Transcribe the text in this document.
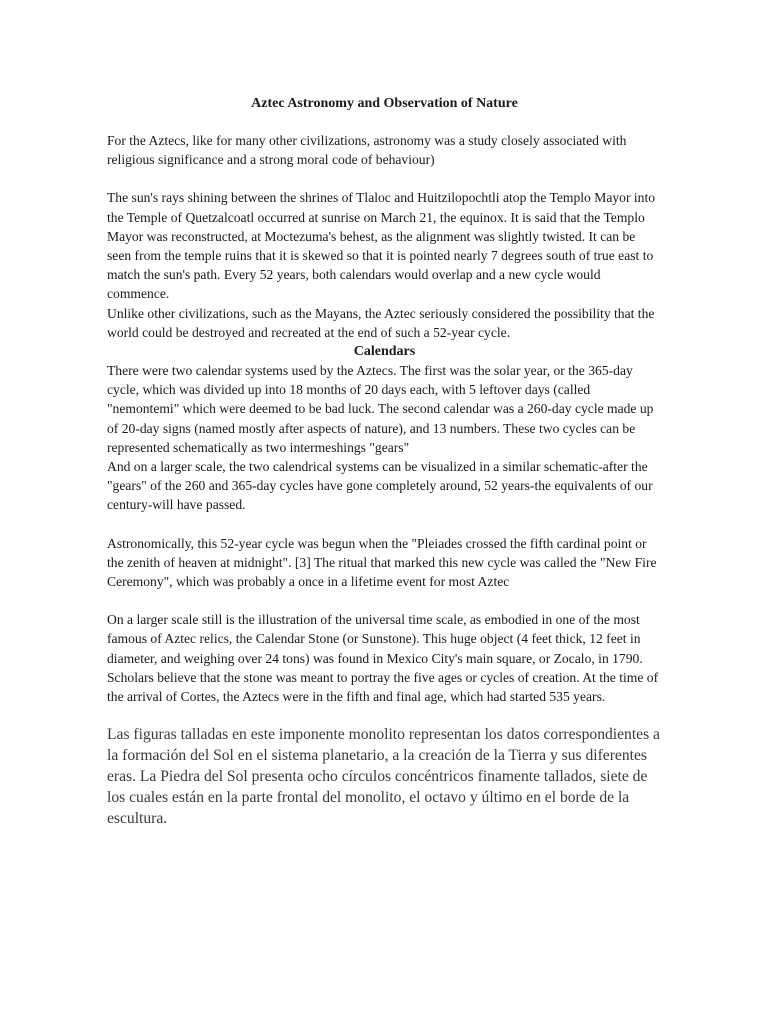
Aztec Astronomy and Observation of Nature

For the Aztecs, like for many other civilizations, astronomy was a study closely associated with religious significance and a strong moral code of behaviour)

The sun's rays shining between the shrines of Tlaloc and Huitzilopochtli atop the Templo Mayor into the Temple of Quetzalcoatl occurred at sunrise on March 21, the equinox. It is said that the Templo Mayor was reconstructed, at Moctezuma's behest, as the alignment was slightly twisted. It can be seen from the temple ruins that it is skewed so that it is pointed nearly 7 degrees south of true east to match the sun's path. Every 52 years, both calendars would overlap and a new cycle would commence.

Unlike other civilizations, such as the Mayans, the Aztec seriously considered the possibility that the world could be destroyed and recreated at the end of such a 52-year cycle.

Calendars

There were two calendar systems used by the Aztecs. The first was the solar year, or the 365-day cycle, which was divided up into 18 months of 20 days each, with 5 leftover days (called "nemontemi" which were deemed to be bad luck. The second calendar was a 260-day cycle made up of 20-day signs (named mostly after aspects of nature), and 13 numbers. These two cycles can be represented schematically as two intermeshings "gears"

And on a larger scale, the two calendrical systems can be visualized in a similar schematic-after the "gears" of the 260 and 365-day cycles have gone completely around, 52 years-the equivalents of our century-will have passed.

Astronomically, this 52-year cycle was begun when the "Pleiades crossed the fifth cardinal point or the zenith of heaven at midnight". [3] The ritual that marked this new cycle was called the "New Fire Ceremony", which was probably a once in a lifetime event for most Aztec

On a larger scale still is the illustration of the universal time scale, as embodied in one of the most famous of Aztec relics, the Calendar Stone (or Sunstone). This huge object (4 feet thick, 12 feet in diameter, and weighing over 24 tons) was found in Mexico City's main square, or Zocalo, in 1790. Scholars believe that the stone was meant to portray the five ages or cycles of creation. At the time of the arrival of Cortes, the Aztecs were in the fifth and final age, which had started 535 years.

Las figuras talladas en este imponente monolito representan los datos correspondientes a la formación del Sol en el sistema planetario, a la creación de la Tierra y sus diferentes eras. La Piedra del Sol presenta ocho círculos concéntricos finamente tallados, siete de los cuales están en la parte frontal del monolito, el octavo y último en el borde de la escultura.
